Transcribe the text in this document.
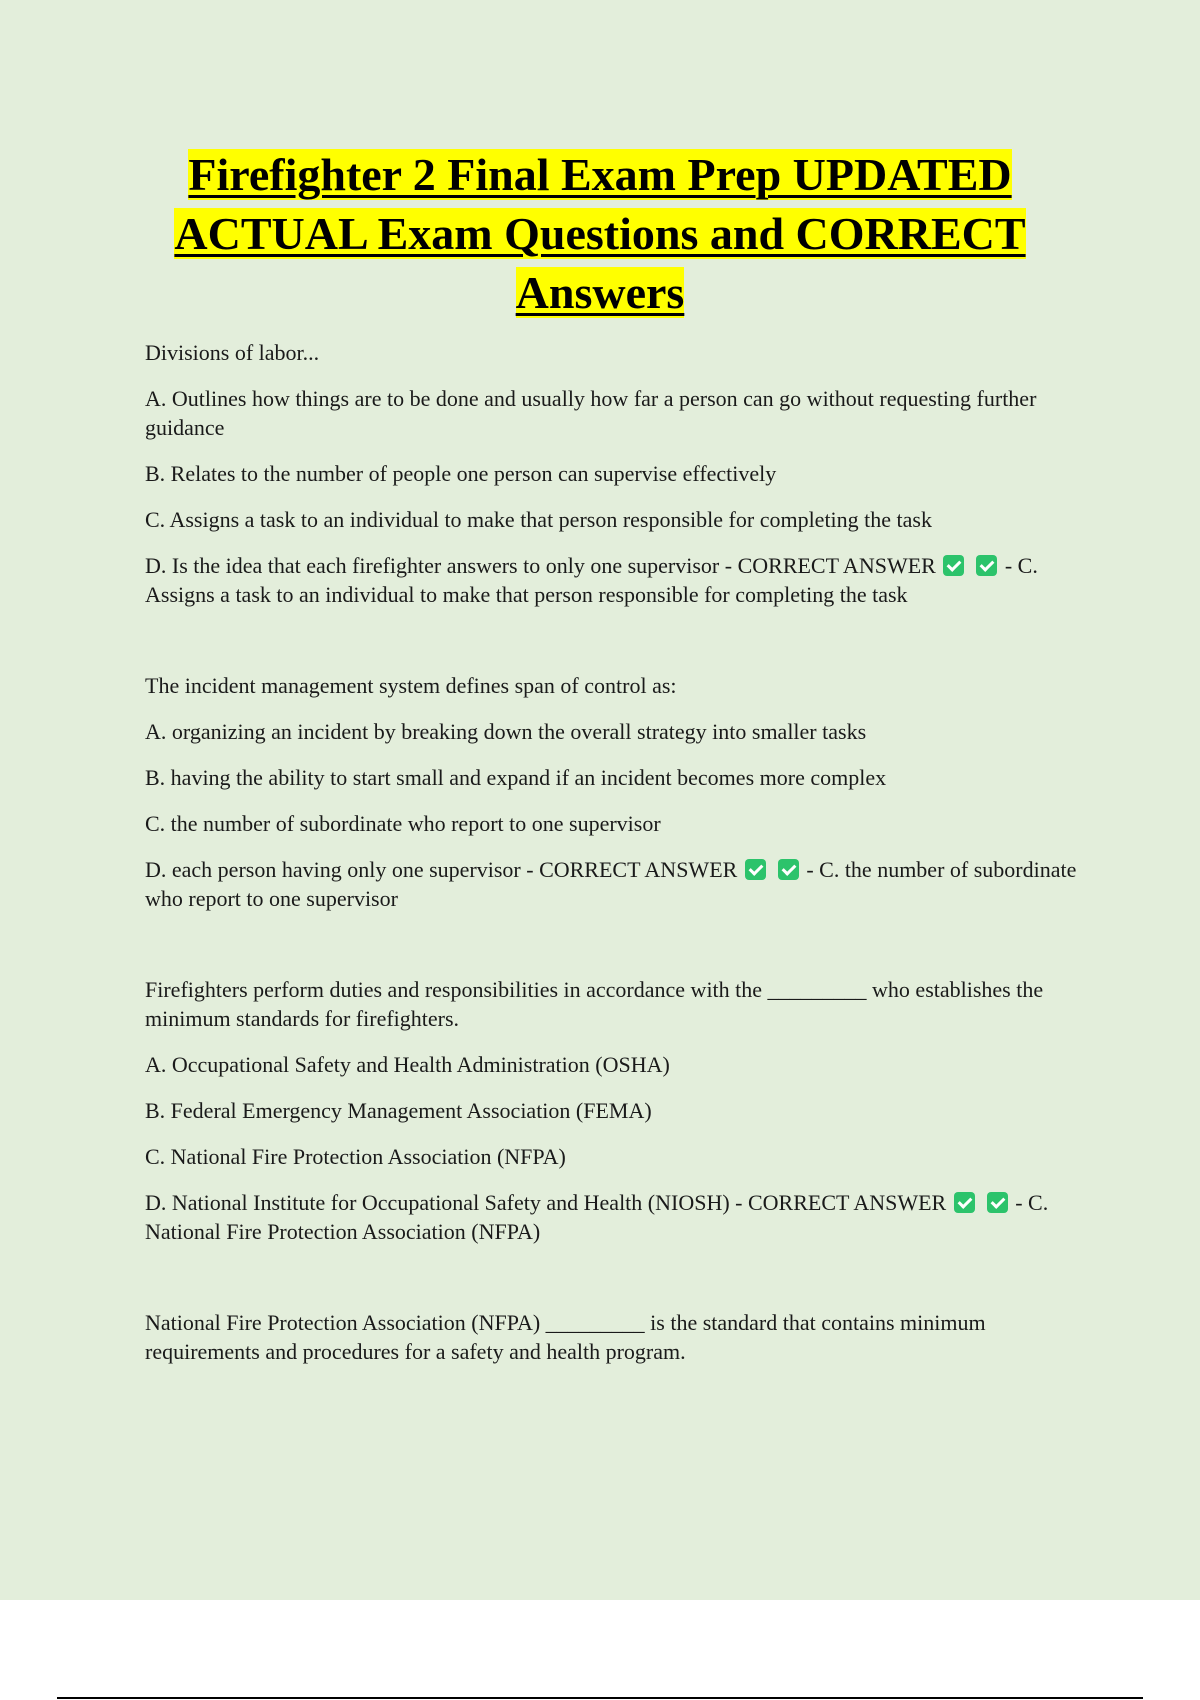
Firefighter 2 Final Exam Prep UPDATED ACTUAL Exam Questions and CORRECT Answers

Divisions of labor...

A. Outlines how things are to be done and usually how far a person can go without requesting further guidance

B. Relates to the number of people one person can supervise effectively

C. Assigns a task to an individual to make that person responsible for completing the task

D. Is the idea that each firefighter answers to only one supervisor - CORRECT ANSWER	- C. Assigns a task to an individual to make that person responsible for completing the task

The incident management system defines span of control as:

A. organizing an incident by breaking down the overall strategy into smaller tasks

B. having the ability to start small and expand if an incident becomes more complex

C. the number of subordinate who report to one supervisor

D. each person having only one supervisor - CORRECT ANSWER	- C. the number of subordinate who report to one supervisor

Firefighters perform duties and responsibilities in accordance with the _________ who establishes the minimum standards for firefighters.

A. Occupational Safety and Health Administration (OSHA)

B. Federal Emergency Management Association (FEMA)

C. National Fire Protection Association (NFPA)

D. National Institute for Occupational Safety and Health (NIOSH) - CORRECT ANSWER	- C. National Fire Protection Association (NFPA)

National Fire Protection Association (NFPA) _________ is the standard that contains minimum requirements and procedures for a safety and health program.
